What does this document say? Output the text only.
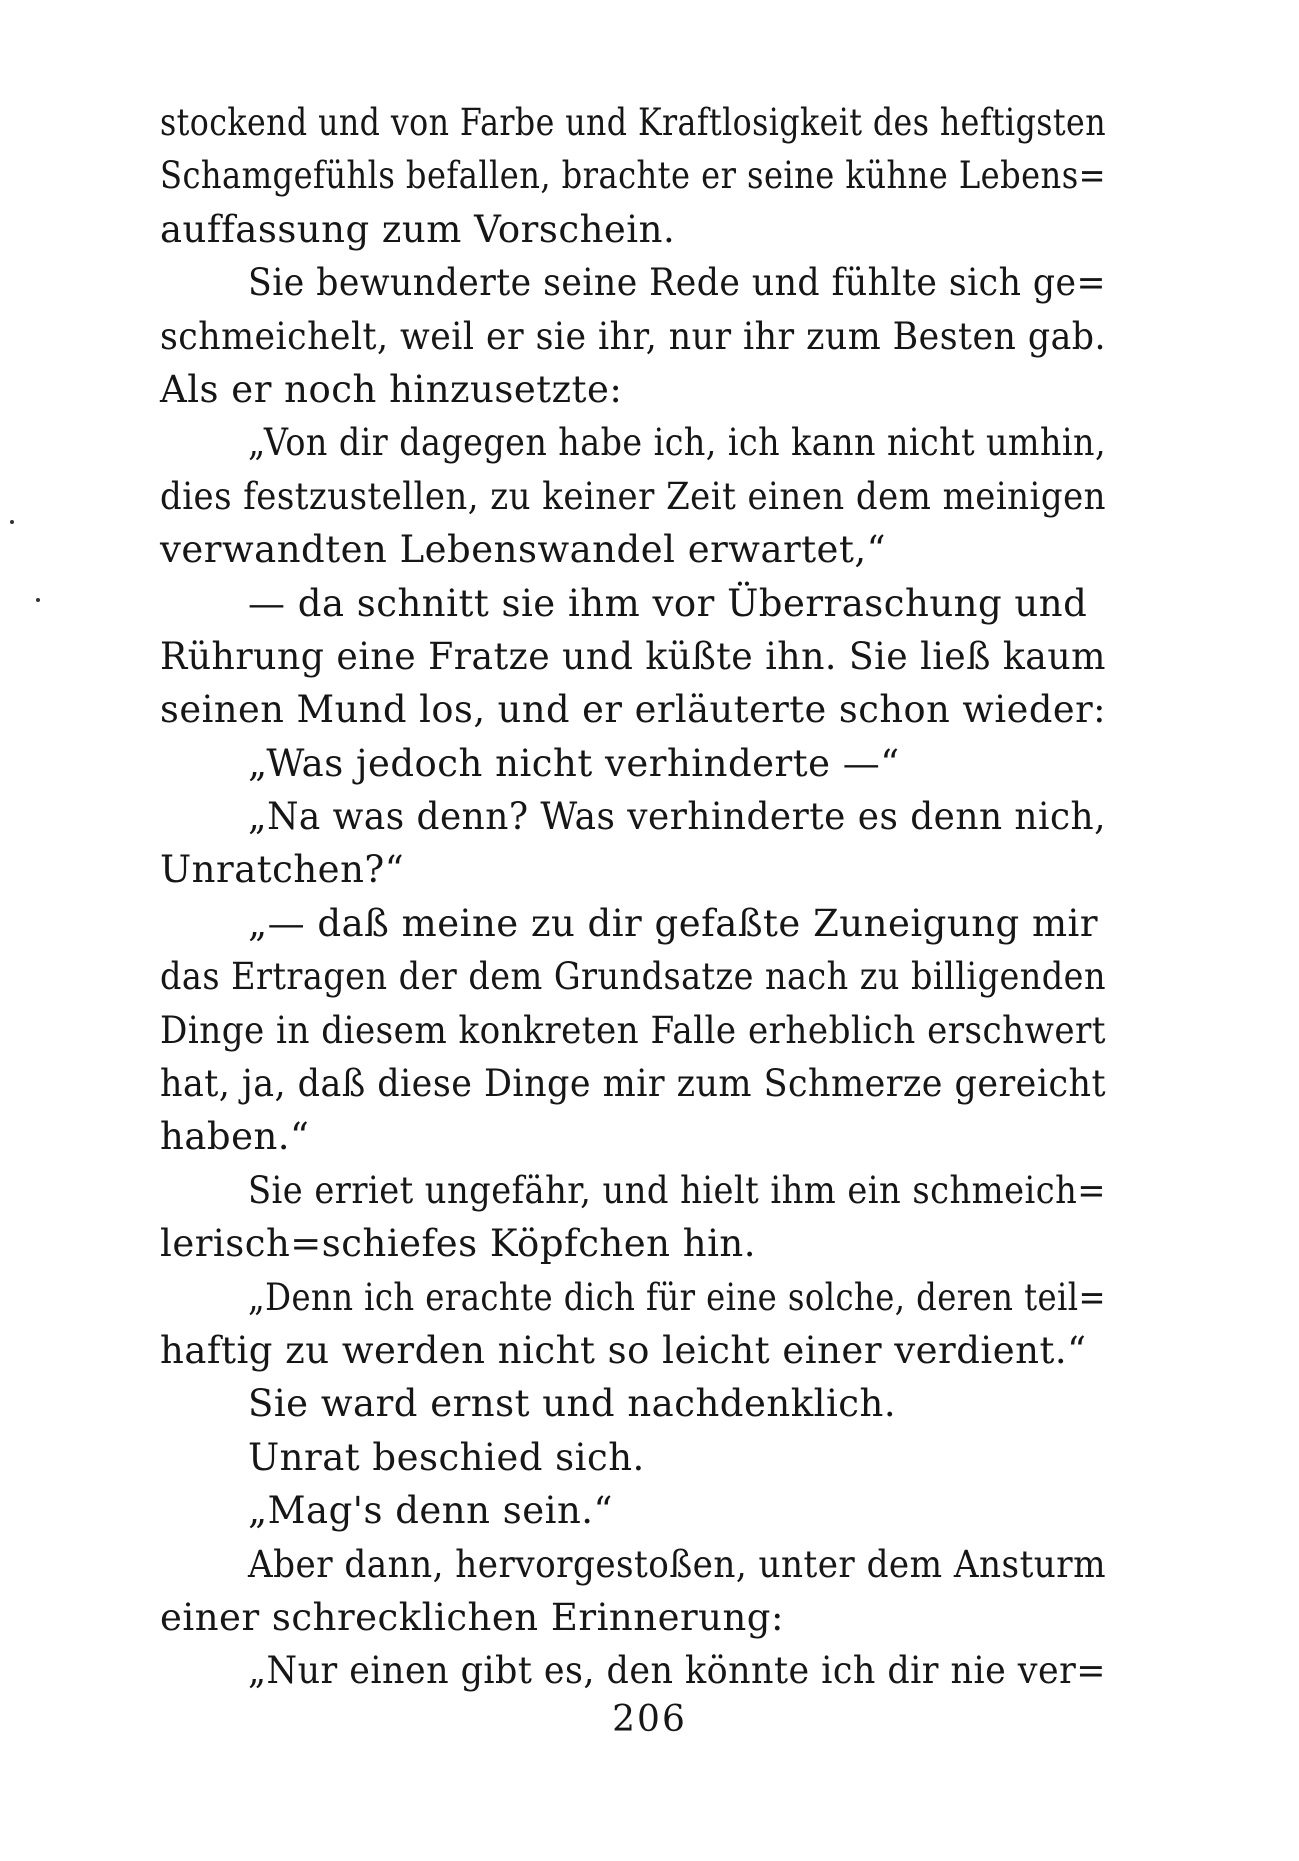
stockend und von Farbe und Kraftlosigkeit des heftigsten
Schamgefühls befallen, brachte er seine kühne Lebens=
auffassung zum Vorschein.
Sie bewunderte seine Rede und fühlte sich ge=
schmeichelt, weil er sie ihr, nur ihr zum Besten gab.
Als er noch hinzusetzte:
„Von dir dagegen habe ich, ich kann nicht umhin,
dies festzustellen, zu keiner Zeit einen dem meinigen
verwandten Lebenswandel erwartet,“
— da schnitt sie ihm vor Überraschung und
Rührung eine Fratze und küßte ihn. Sie ließ kaum
seinen Mund los, und er erläuterte schon wieder:
„Was jedoch nicht verhinderte —“
„Na was denn? Was verhinderte es denn nich,
Unratchen?“
„— daß meine zu dir gefaßte Zuneigung mir
das Ertragen der dem Grundsatze nach zu billigenden
Dinge in diesem konkreten Falle erheblich erschwert
hat, ja, daß diese Dinge mir zum Schmerze gereicht
haben.“
Sie erriet ungefähr, und hielt ihm ein schmeich=
lerisch=schiefes Köpfchen hin.
„Denn ich erachte dich für eine solche, deren teil=
haftig zu werden nicht so leicht einer verdient.“
Sie ward ernst und nachdenklich.
Unrat beschied sich.
„Mag's denn sein.“
Aber dann, hervorgestoßen, unter dem Ansturm
einer schrecklichen Erinnerung:
„Nur einen gibt es, den könnte ich dir nie ver=
206
